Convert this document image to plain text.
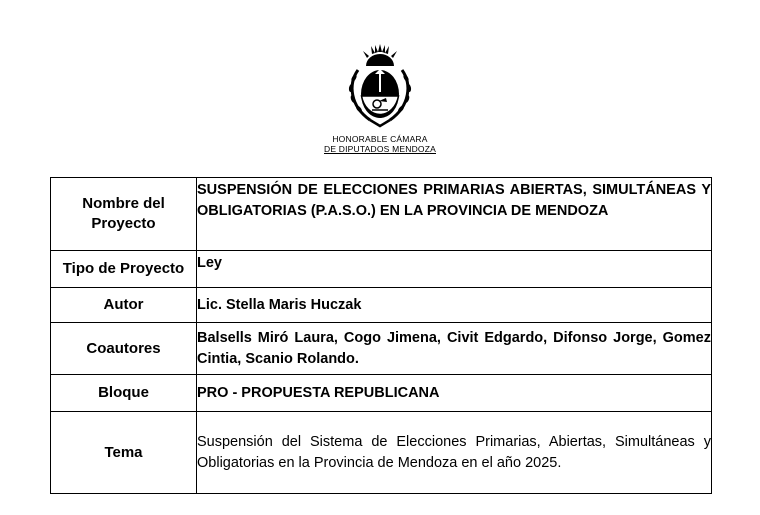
HONORABLE CÁMARA
DE DIPUTADOS MENDOZA
Nombre del Proyecto	SUSPENSIÓN DE ELECCIONES PRIMARIAS ABIERTAS, SIMULTÁNEAS Y OBLIGATORIAS (P.A.S.O.) EN LA PROVINCIA DE MENDOZA
Tipo de Proyecto	Ley
Autor	Lic. Stella Maris Huczak
Coautores	Balsells Miró Laura, Cogo Jimena, Civit Edgardo, Difonso Jorge, Gomez Cintia, Scanio Rolando.
Bloque	PRO - PROPUESTA REPUBLICANA
Tema	Suspensión del Sistema de Elecciones Primarias, Abiertas, Simultáneas y Obligatorias en la Provincia de Mendoza en el año 2025.
